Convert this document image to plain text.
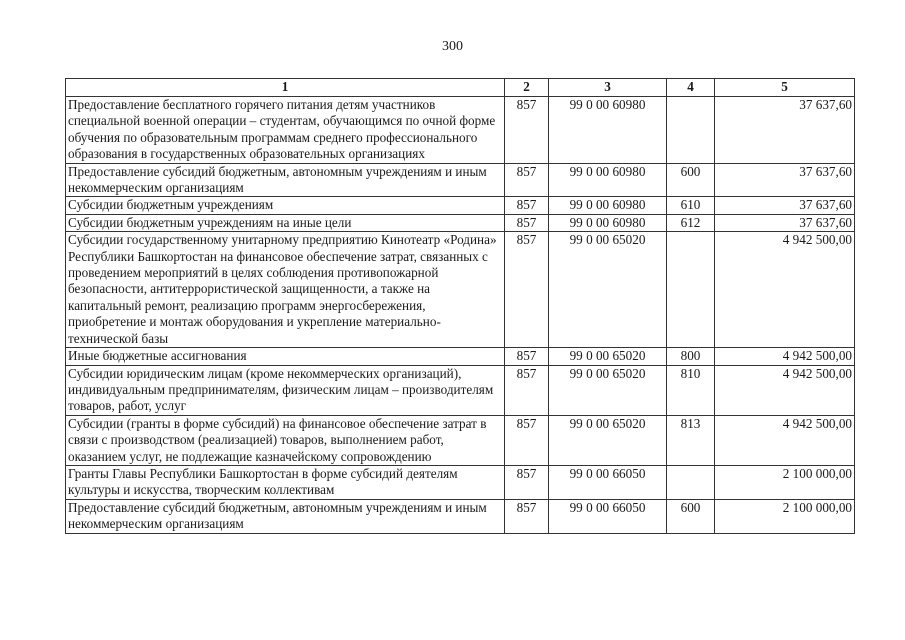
300
1	2	3	4	5
Предоставление бесплатного горячего питания детям участников специальной военной операции – студентам, обучающимся по очной форме обучения по образовательным программам среднего профессионального образования в государственных образовательных организациях	857	99 0 00 60980		37 637,60
Предоставление субсидий бюджетным, автономным учреждениям и иным некоммерческим организациям	857	99 0 00 60980	600	37 637,60
Субсидии бюджетным учреждениям	857	99 0 00 60980	610	37 637,60
Субсидии бюджетным учреждениям на иные цели	857	99 0 00 60980	612	37 637,60
Субсидии государственному унитарному предприятию Кинотеатр «Родина» Республики Башкортостан на финансовое обеспечение затрат, связанных с проведением мероприятий в целях соблюдения противопожарной безопасности, антитеррористической защищенности, а также на капитальный ремонт, реализацию программ энергосбережения, приобретение и монтаж оборудования и укрепление материально-технической базы	857	99 0 00 65020		4 942 500,00
Иные бюджетные ассигнования	857	99 0 00 65020	800	4 942 500,00
Субсидии юридическим лицам (кроме некоммерческих организаций), индивидуальным предпринимателям, физическим лицам – производителям товаров, работ, услуг	857	99 0 00 65020	810	4 942 500,00
Субсидии (гранты в форме субсидий) на финансовое обеспечение затрат в связи с производством (реализацией) товаров, выполнением работ, оказанием услуг, не подлежащие казначейскому сопровождению	857	99 0 00 65020	813	4 942 500,00
Гранты Главы Республики Башкортостан в форме субсидий деятелям культуры и искусства, творческим коллективам	857	99 0 00 66050		2 100 000,00
Предоставление субсидий бюджетным, автономным учреждениям и иным некоммерческим организациям	857	99 0 00 66050	600	2 100 000,00
